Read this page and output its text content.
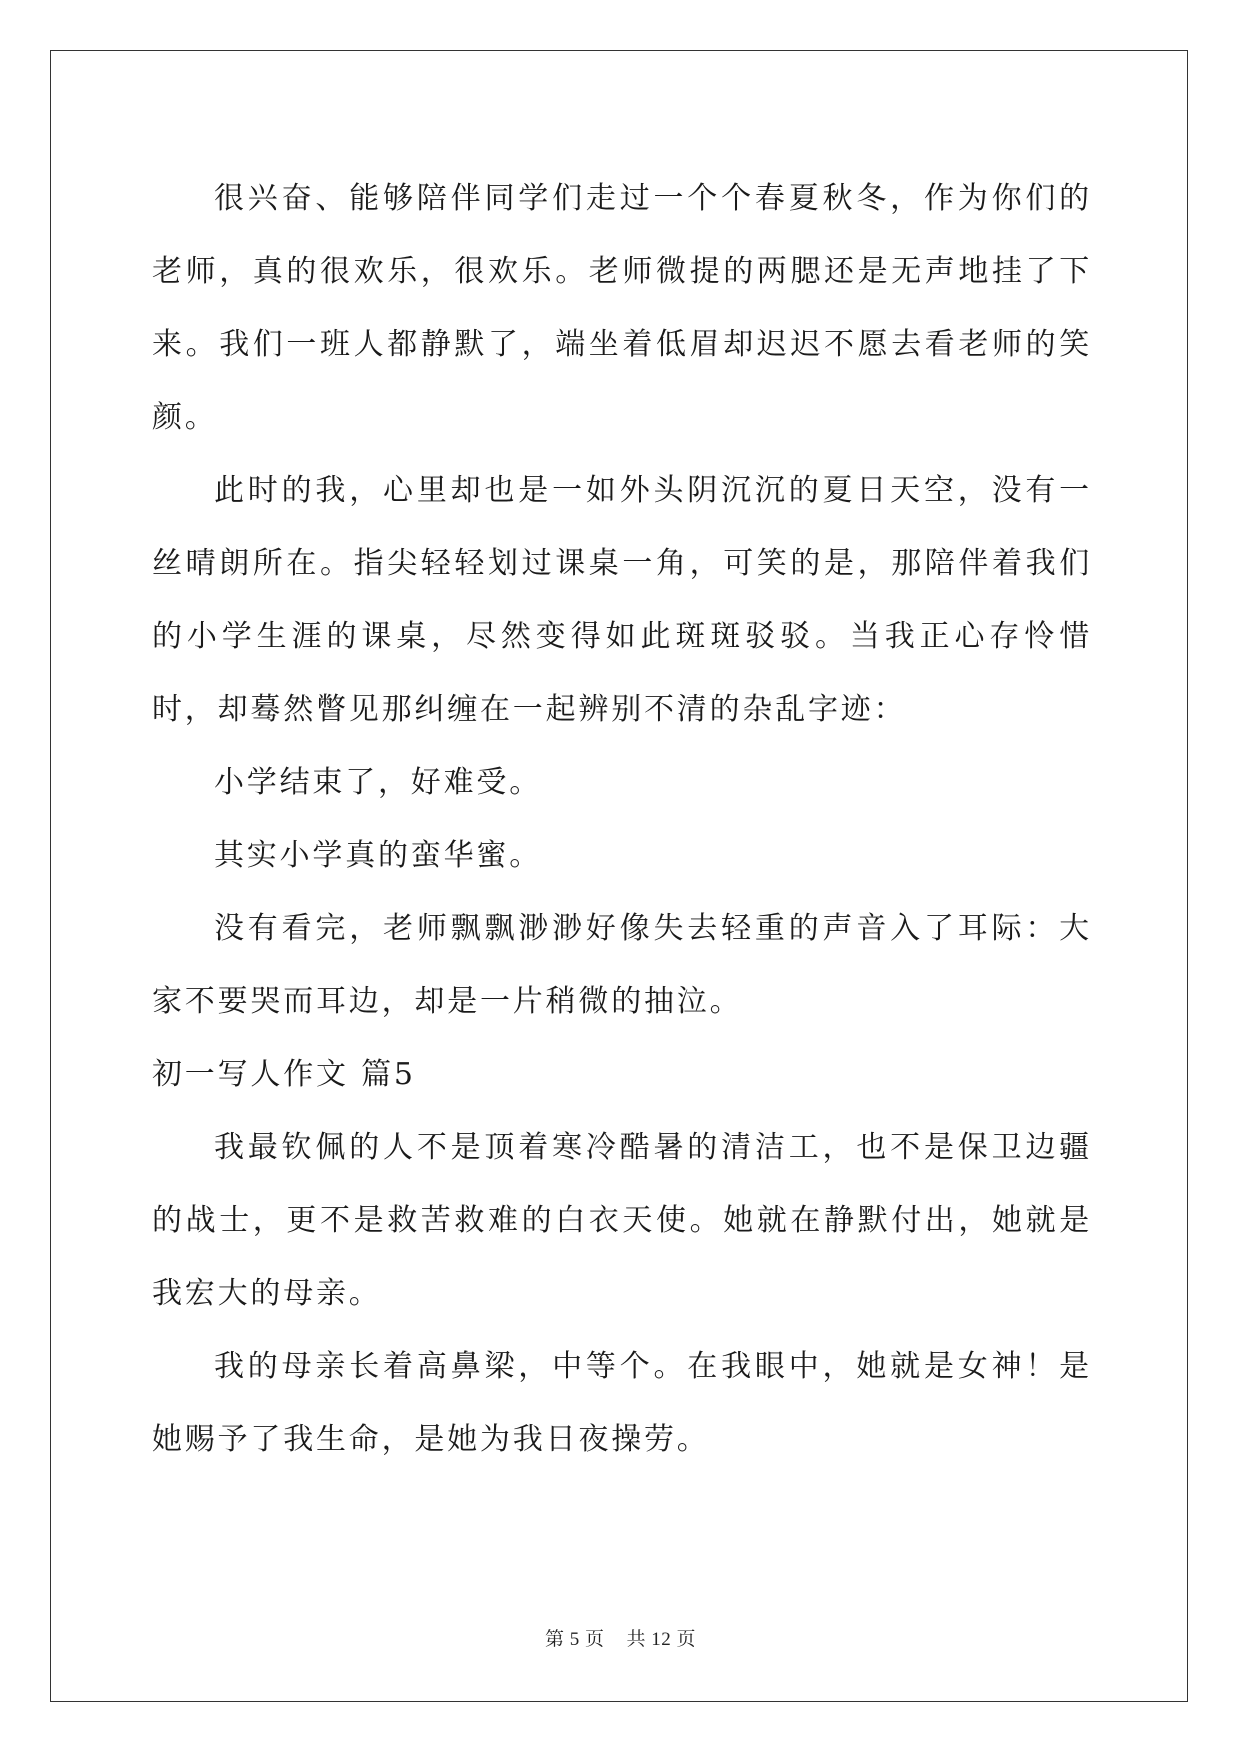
很兴奋、能够陪伴同学们走过一个个春夏秋冬，作为你们的老师，真的很欢乐，很欢乐。老师微提的两腮还是无声地挂了下来。我们一班人都静默了，端坐着低眉却迟迟不愿去看老师的笑颜。

此时的我，心里却也是一如外头阴沉沉的夏日天空，没有一丝晴朗所在。指尖轻轻划过课桌一角，可笑的是，那陪伴着我们的小学生涯的课桌，尽然变得如此斑斑驳驳。当我正心存怜惜时，却蓦然瞥见那纠缠在一起辨别不清的杂乱字迹：

小学结束了，好难受。

其实小学真的蛮华蜜。

没有看完，老师飘飘渺渺好像失去轻重的声音入了耳际：大家不要哭而耳边，却是一片稍微的抽泣。

初一写人作文 篇5

我最钦佩的人不是顶着寒冷酷暑的清洁工，也不是保卫边疆的战士，更不是救苦救难的白衣天使。她就在静默付出，她就是我宏大的母亲。

我的母亲长着高鼻梁，中等个。在我眼中，她就是女神！是她赐予了我生命，是她为我日夜操劳。

第 5 页 共 12 页
